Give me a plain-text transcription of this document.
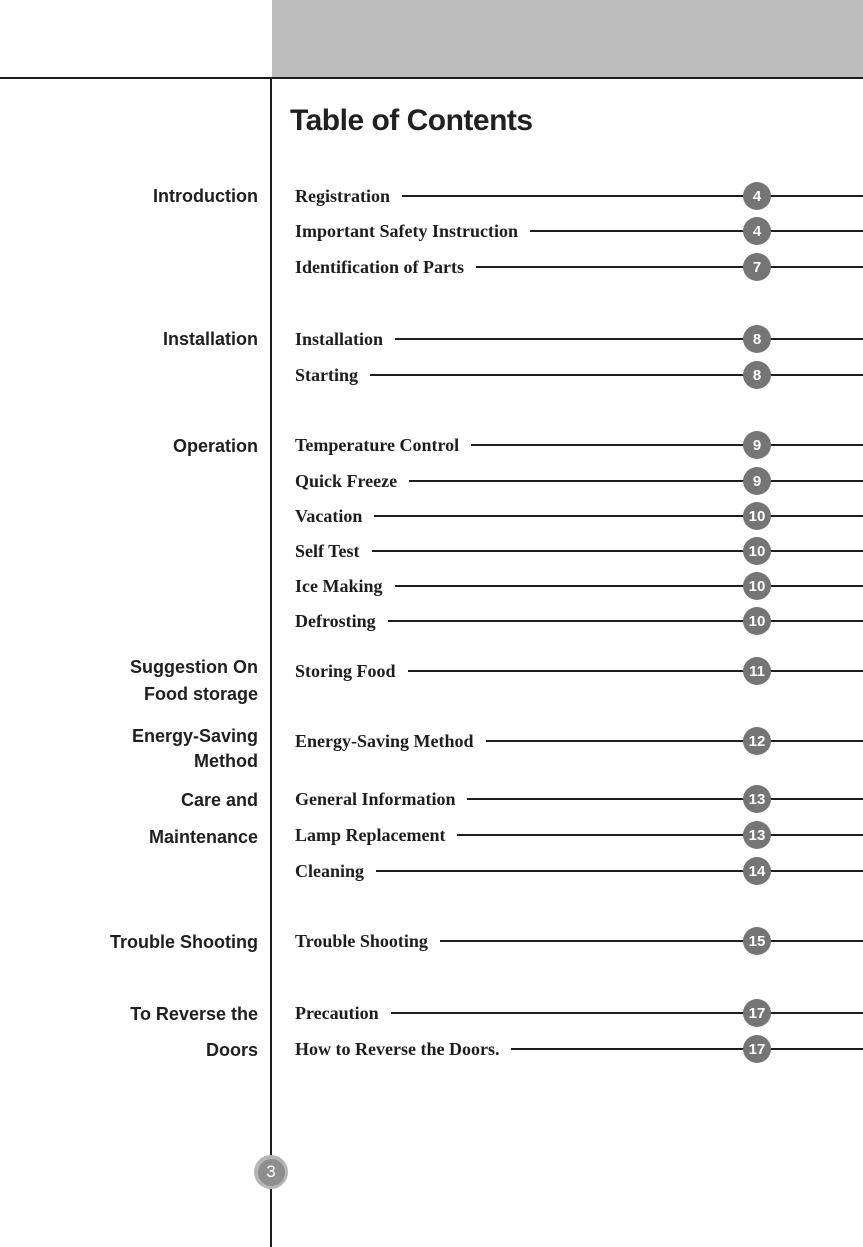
Table of Contents
Introduction
Installation
Operation
Suggestion On
Food storage
Energy-Saving
Method
Care and
Maintenance
Trouble Shooting
To Reverse the
Doors
Registration	4
Important Safety Instruction	4
Identification of Parts	7
Installation	8
Starting	8
Temperature Control	9
Quick Freeze	9
Vacation	10
Self Test	10
Ice Making	10
Defrosting	10
Storing Food	11
Energy-Saving Method	12
General Information	13
Lamp Replacement	13
Cleaning	14
Trouble Shooting	15
Precaution	17
How to Reverse the Doors.	17
3
